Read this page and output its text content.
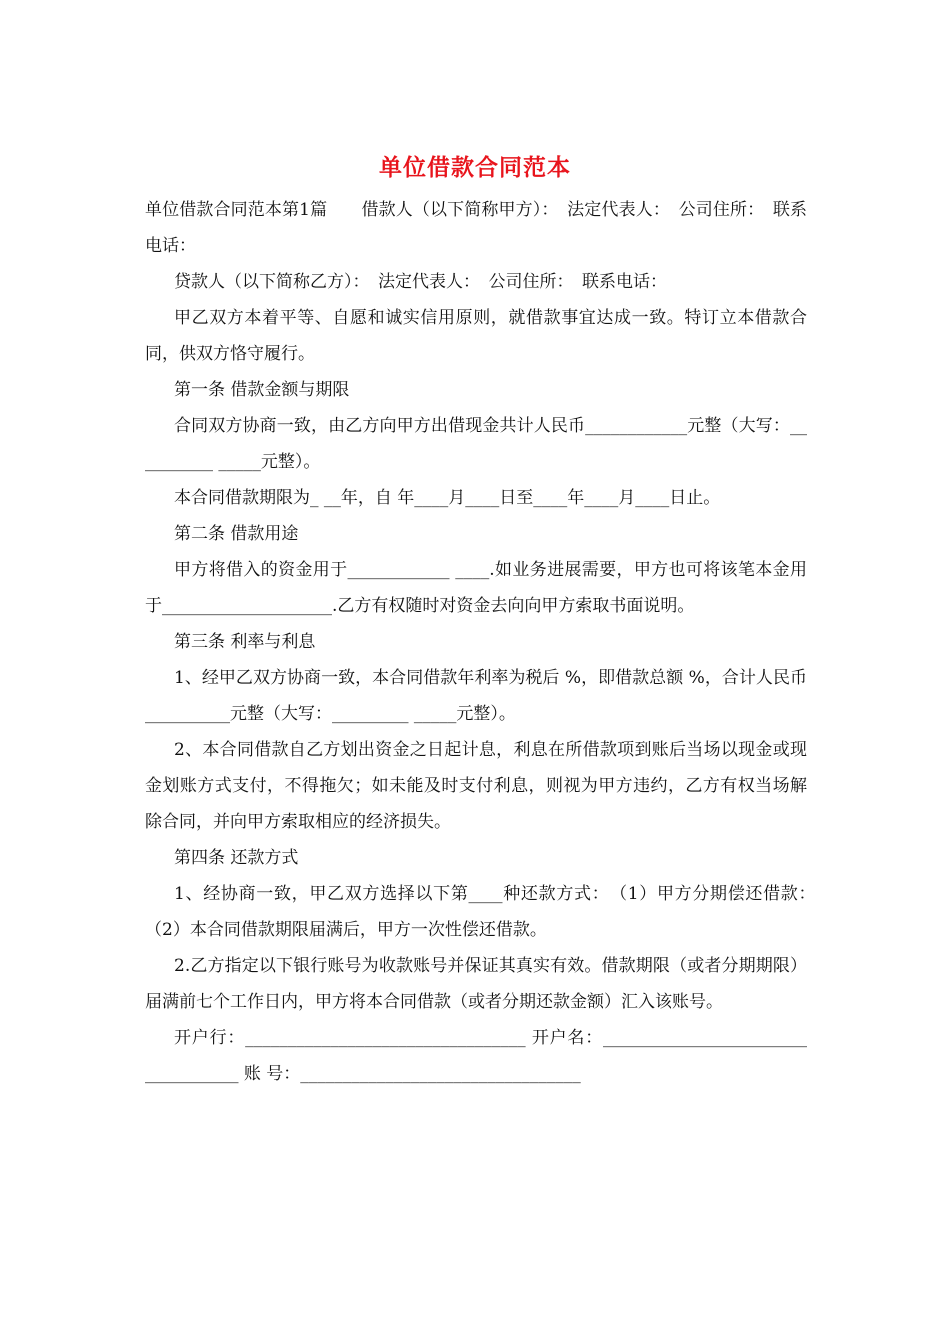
单位借款合同范本

单位借款合同范本第1篇　　借款人（以下简称甲方）：　法定代表人：　公司住所：　联系电话：

贷款人（以下简称乙方）：　法定代表人：　公司住所：　联系电话：

甲乙双方本着平等、自愿和诚实信用原则，就借款事宜达成一致。特订立本借款合同，供双方恪守履行。

第一条 借款金额与期限

合同双方协商一致，由乙方向甲方出借现金共计人民币____________元整（大写：__________ _____元整）。

本合同借款期限为_ __年，自 年____月____日至____年____月____日止。

第二条 借款用途

甲方将借入的资金用于____________ ____.如业务进展需要，甲方也可将该笔本金用于____________________.乙方有权随时对资金去向向甲方索取书面说明。

第三条 利率与利息

1、经甲乙双方协商一致，本合同借款年利率为税后 %，即借款总额 %，合计人民币__________元整（大写：_________ _____元整）。

2、本合同借款自乙方划出资金之日起计息，利息在所借款项到账后当场以现金或现金划账方式支付，不得拖欠；如未能及时支付利息，则视为甲方违约，乙方有权当场解除合同，并向甲方索取相应的经济损失。

第四条 还款方式

1、经协商一致，甲乙双方选择以下第____种还款方式：　（1）甲方分期偿还借款：　（2）本合同借款期限届满后，甲方一次性偿还借款。

2.乙方指定以下银行账号为收款账号并保证其真实有效。借款期限（或者分期期限）届满前七个工作日内，甲方将本合同借款（或者分期还款金额）汇入该账号。

开户行：_________________________________ 开户名：___________________________________ 账 号：_________________________________
